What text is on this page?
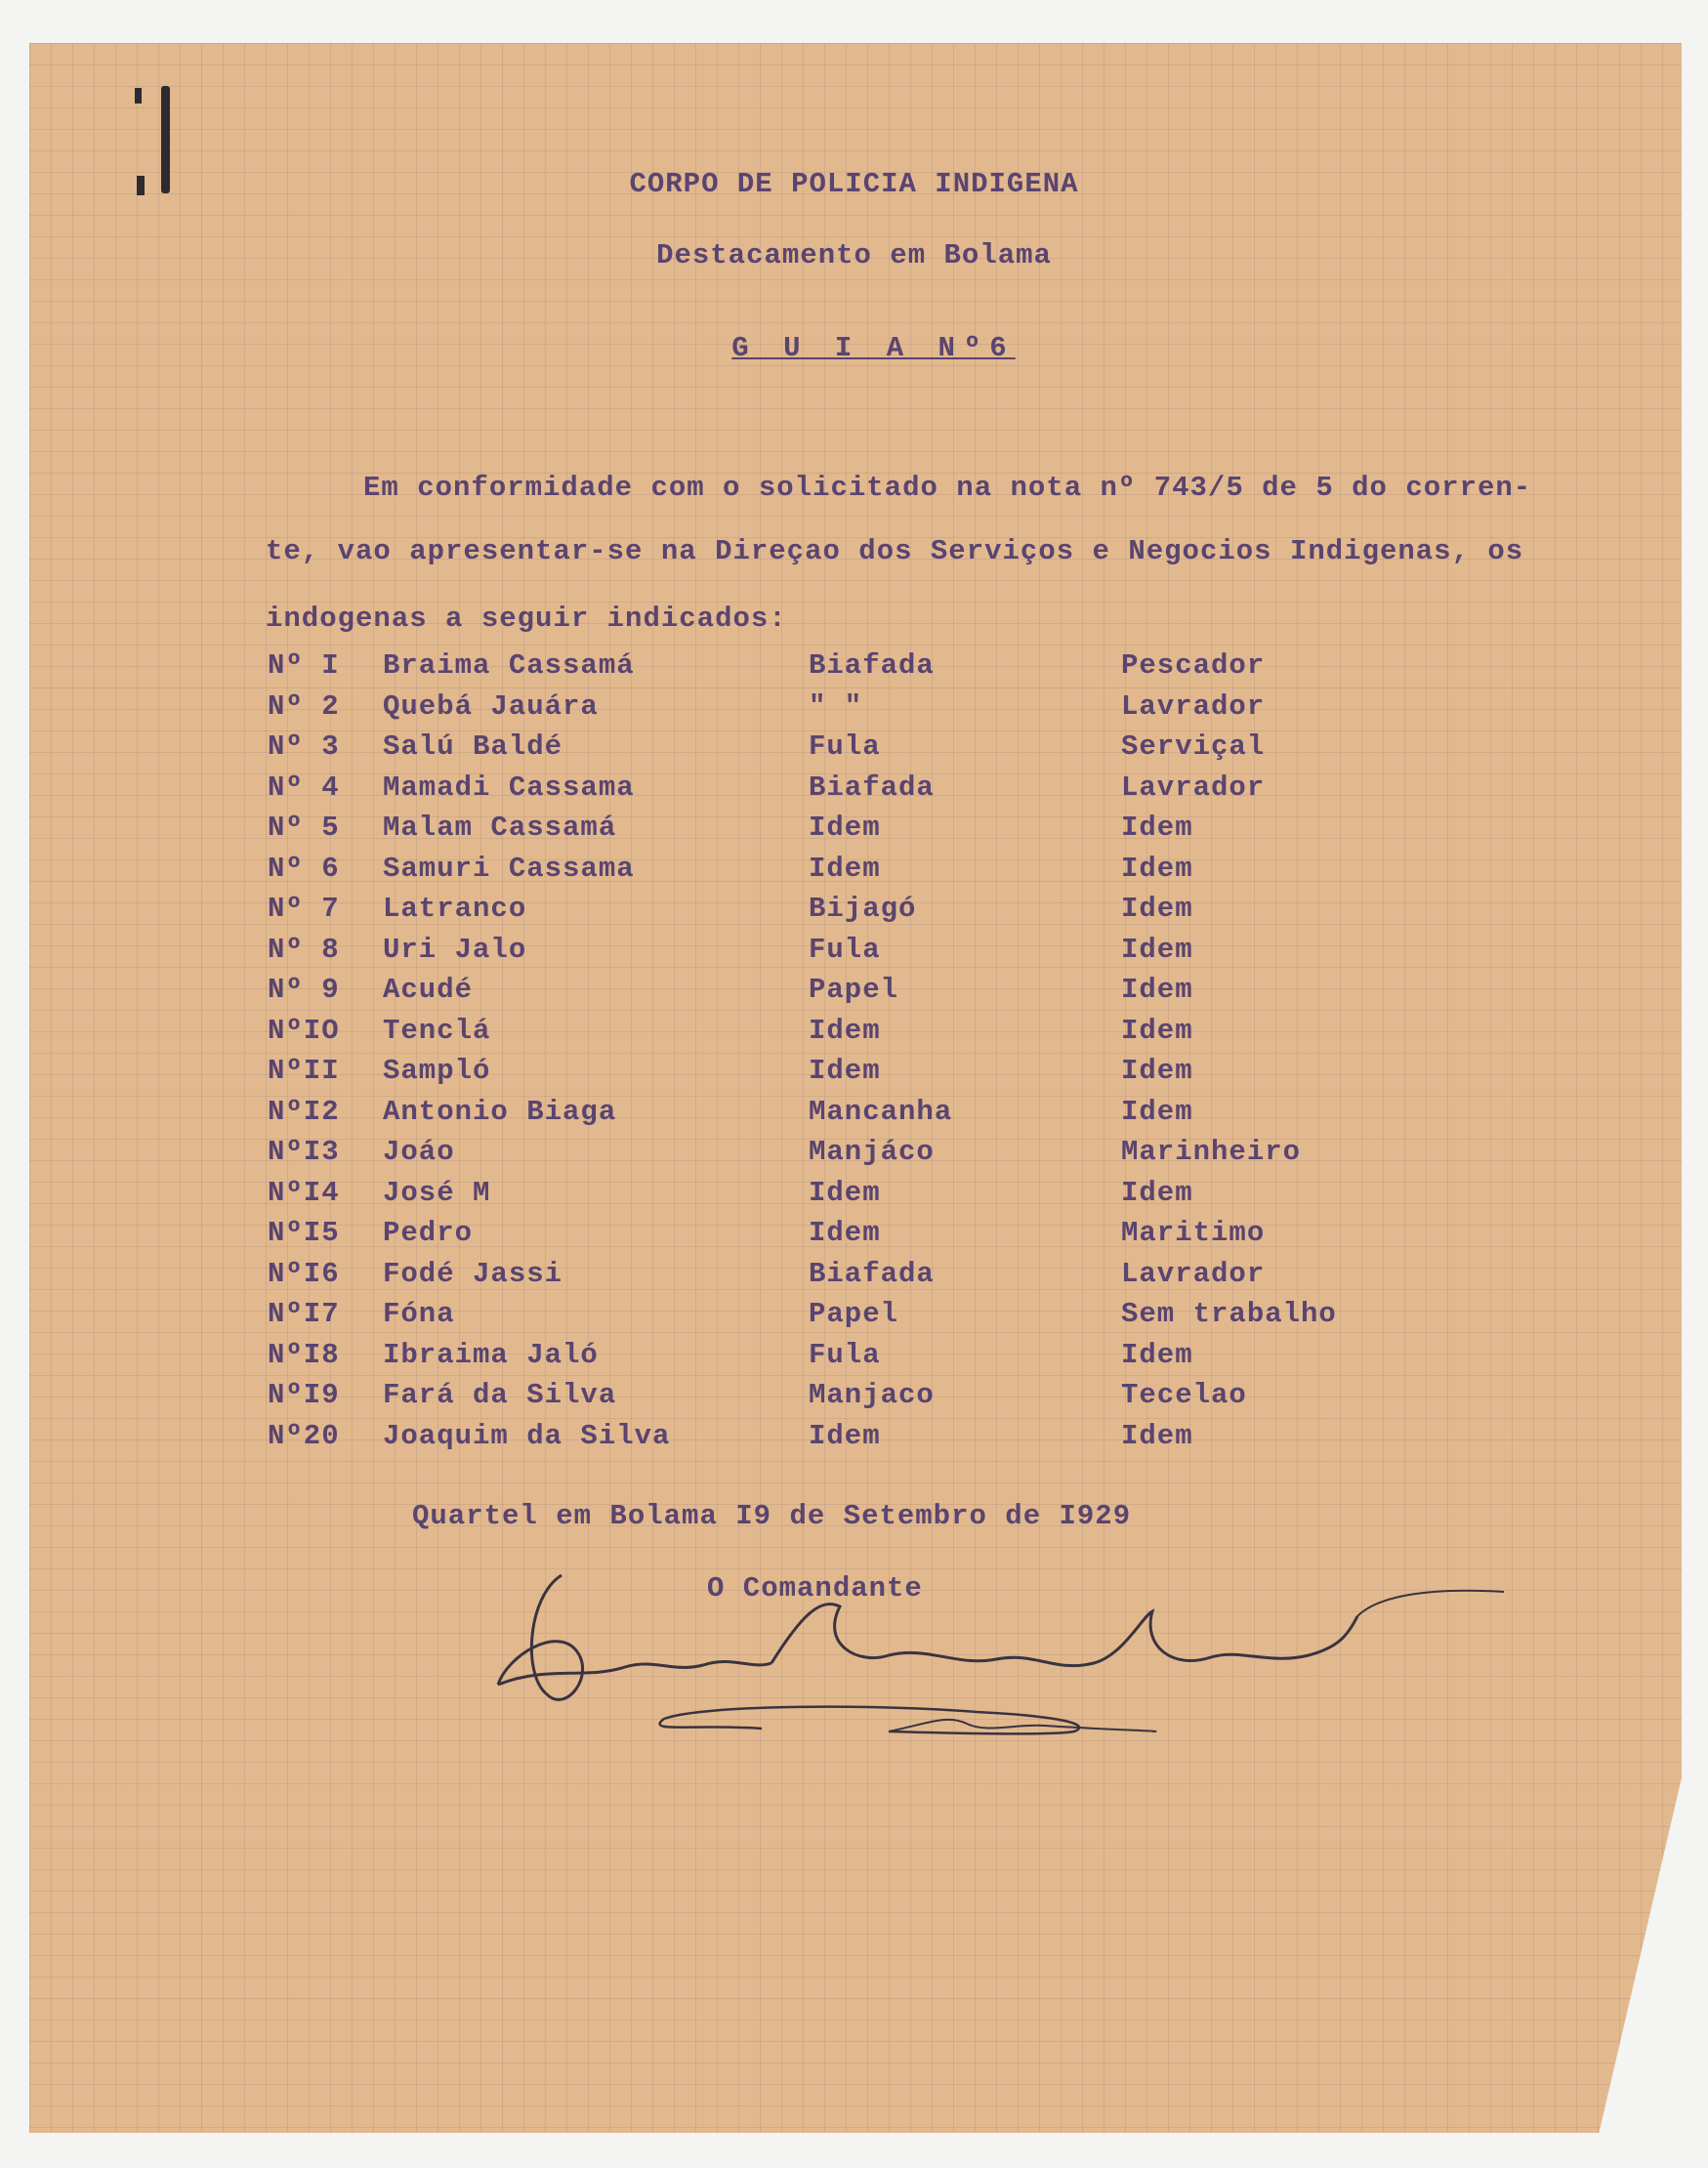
CORPO DE POLICIA INDIGENA

Destacamento em Bolama

G U I A Nº6

Em conformidade com o solicitado na nota nº 743/5 de 5 do corren-

te, vao apresentar-se na Direçao dos Serviços e Negocios Indigenas, os

indogenas a seguir indicados:

Nº I Braima Cassamá	Biafada	Pescador
Nº 2 Quebá Jauára	" "	Lavrador
Nº 3 Salú Baldé	Fula	Serviçal
Nº 4 Mamadi Cassama	Biafada	Lavrador
Nº 5 Malam Cassamá	Idem	Idem
Nº 6 Samuri Cassama	Idem	Idem
Nº 7 Latranco	Bijagó	Idem
Nº 8 Uri Jalo	Fula	Idem
Nº 9 Acudé	Papel	Idem
NºIO Tenclá	Idem	Idem
NºII Sampló	Idem	Idem
NºI2 Antonio Biaga	Mancanha	Idem
NºI3 Joáo	Manjáco	Marinheiro
NºI4 José M	Idem	Idem
NºI5 Pedro	Idem	Maritimo
NºI6 Fodé Jassi	Biafada	Lavrador
NºI7 Fóna	Papel	Sem trabalho
NºI8 Ibraima Jaló	Fula	Idem
NºI9 Fará da Silva	Manjaco	Tecelao
Nº20 Joaquim da Silva	Idem	Idem

Quartel em Bolama I9 de Setembro de I929

O Comandante
